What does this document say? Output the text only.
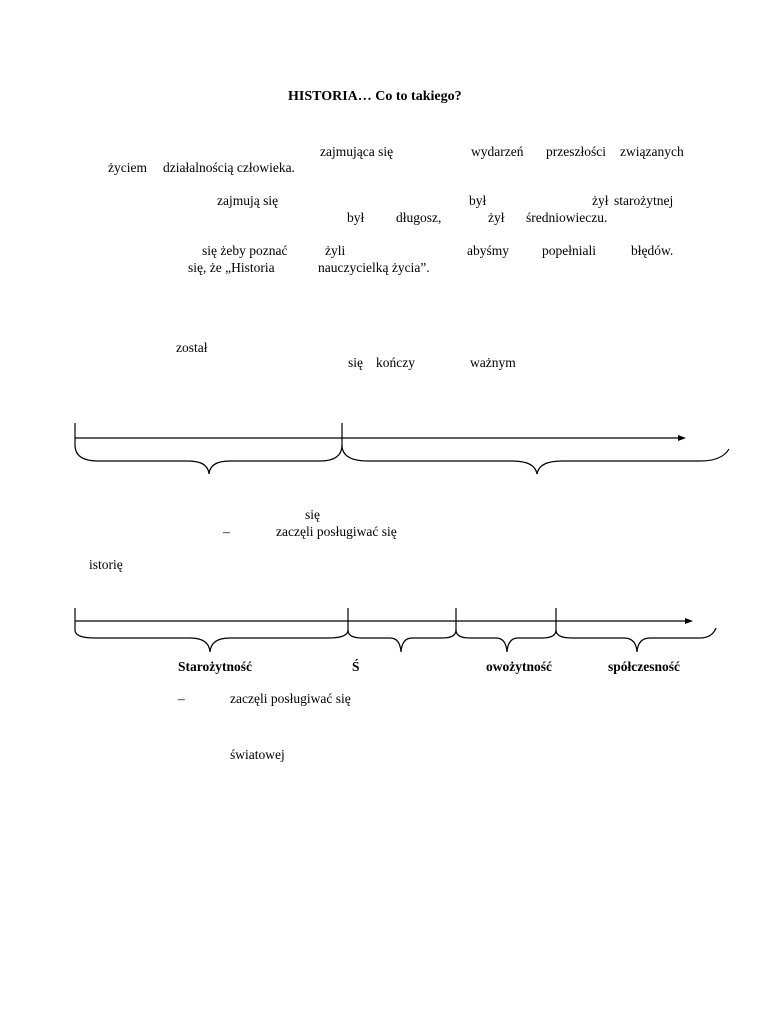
HISTORIA… Co to takiego?
zajmująca się	wydarzeń przeszłości związanych
życiem działalnością człowieka.
zajmują się	był	żył starożytnej
był długosz,	żył średniowieczu.
się żeby poznać	żyli	abyśmy popełniali	błędów.
się, że „Historia	nauczycielką życia”.
został
się kończy	ważnym
się
–	zaczęli posługiwać się
istorię
Starożytność	Ś	owożytność	spółczesność
–	zaczęli posługiwać się
światowej
